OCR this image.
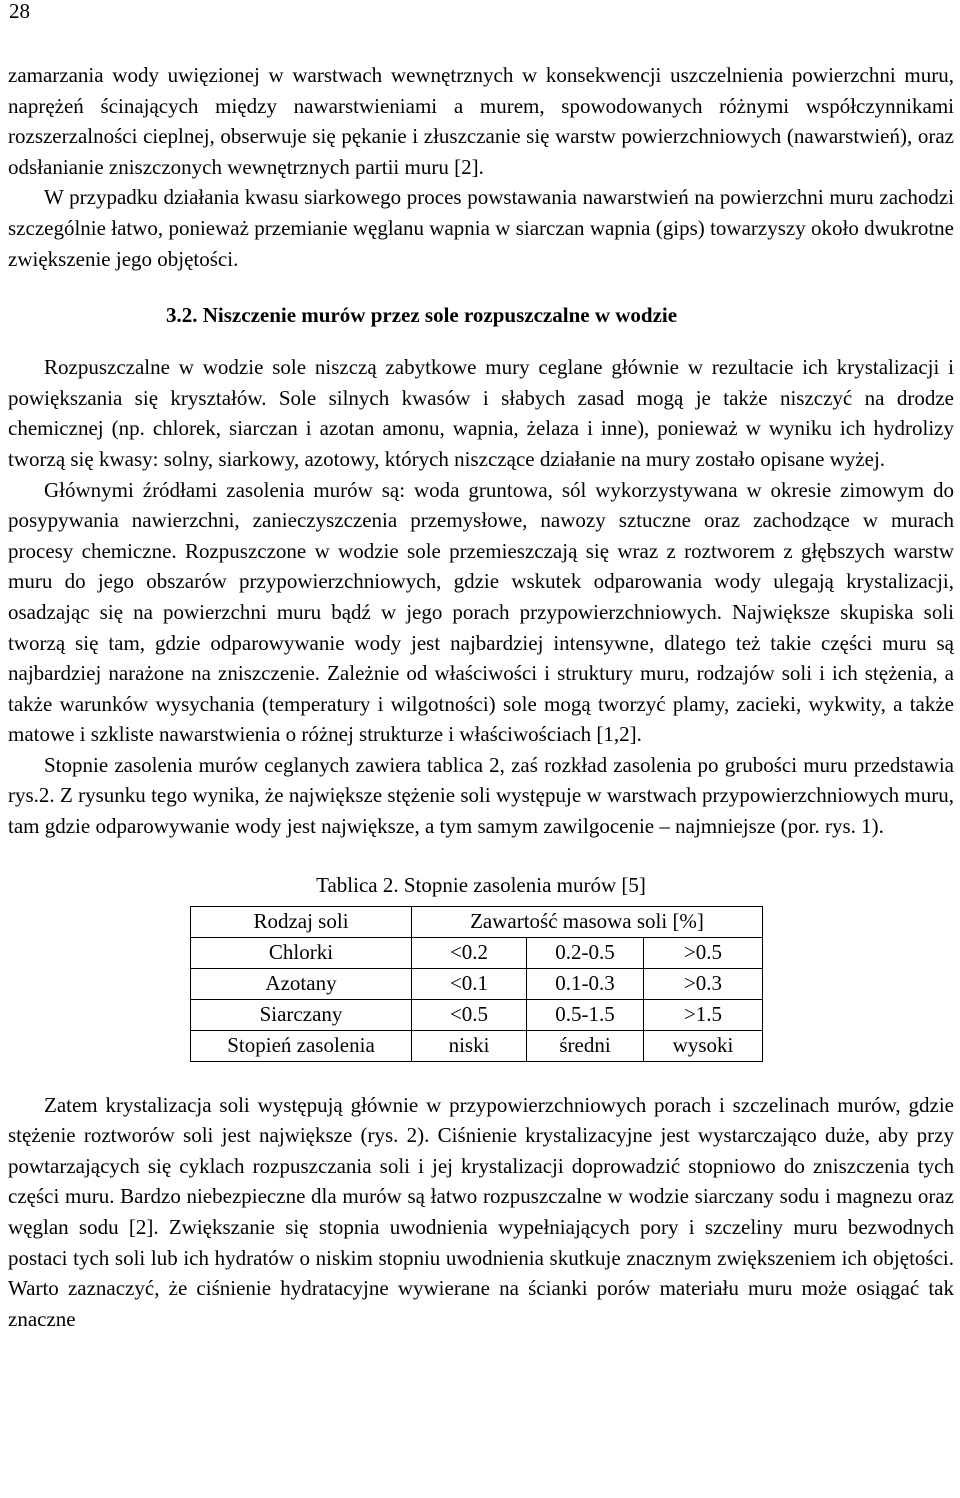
28

zamarzania wody uwięzionej w warstwach wewnętrznych w konsekwencji uszczelnienia powierzchni muru, naprężeń ścinających między nawarstwieniami a murem, spowodowanych różnymi współczynnikami rozszerzalności cieplnej, obserwuje się pękanie i złuszczanie się warstw powierzchniowych (nawarstwień), oraz odsłanianie zniszczonych wewnętrznych partii muru [2].

W przypadku działania kwasu siarkowego proces powstawania nawarstwień na powierzchni muru zachodzi szczególnie łatwo, ponieważ przemianie węglanu wapnia w siarczan wapnia (gips) towarzyszy około dwukrotne zwiększenie jego objętości.

3.2. Niszczenie murów przez sole rozpuszczalne w wodzie

Rozpuszczalne w wodzie sole niszczą zabytkowe mury ceglane głównie w rezultacie ich krystalizacji i powiększania się kryształów. Sole silnych kwasów i słabych zasad mogą je także niszczyć na drodze chemicznej (np. chlorek, siarczan i azotan amonu, wapnia, żelaza i inne), ponieważ w wyniku ich hydrolizy tworzą się kwasy: solny, siarkowy, azotowy, których niszczące działanie na mury zostało opisane wyżej.

Głównymi źródłami zasolenia murów są: woda gruntowa, sól wykorzystywana w okresie zimowym do posypywania nawierzchni, zanieczyszczenia przemysłowe, nawozy sztuczne oraz zachodzące w murach procesy chemiczne. Rozpuszczone w wodzie sole przemieszczają się wraz z roztworem z głębszych warstw muru do jego obszarów przypowierzchniowych, gdzie wskutek odparowania wody ulegają krystalizacji, osadzając się na powierzchni muru bądź w jego porach przypowierzchniowych. Największe skupiska soli tworzą się tam, gdzie odparowywanie wody jest najbardziej intensywne, dlatego też takie części muru są najbardziej narażone na zniszczenie. Zależnie od właściwości i struktury muru, rodzajów soli i ich stężenia, a także warunków wysychania (temperatury i wilgotności) sole mogą tworzyć plamy, zacieki, wykwity, a także matowe i szkliste nawarstwienia o różnej strukturze i właściwościach [1,2].

Stopnie zasolenia murów ceglanych zawiera tablica 2, zaś rozkład zasolenia po grubości muru przedstawia rys.2. Z rysunku tego wynika, że największe stężenie soli występuje w warstwach przypowierzchniowych muru, tam gdzie odparowywanie wody jest największe, a tym samym zawilgocenie – najmniejsze (por. rys. 1).

Tablica 2. Stopnie zasolenia murów [5]
Rodzaj soli	Zawartość masowa soli [%]		
Chlorki	<0.2	0.2-0.5	>0.5
Azotany	<0.1	0.1-0.3	>0.3
Siarczany	<0.5	0.5-1.5	>1.5
Stopień zasolenia	niski	średni	wysoki

Zatem krystalizacja soli występują głównie w przypowierzchniowych porach i szczelinach murów, gdzie stężenie roztworów soli jest największe (rys. 2). Ciśnienie krystalizacyjne jest wystarczająco duże, aby przy powtarzających się cyklach rozpuszczania soli i jej krystalizacji doprowadzić stopniowo do zniszczenia tych części muru. Bardzo niebezpieczne dla murów są łatwo rozpuszczalne w wodzie siarczany sodu i magnezu oraz węglan sodu [2]. Zwiększanie się stopnia uwodnienia wypełniających pory i szczeliny muru bezwodnych postaci tych soli lub ich hydratów o niskim stopniu uwodnienia skutkuje znacznym zwiększeniem ich objętości. Warto zaznaczyć, że ciśnienie hydratacyjne wywierane na ścianki porów materiału muru może osiągać tak znaczne
